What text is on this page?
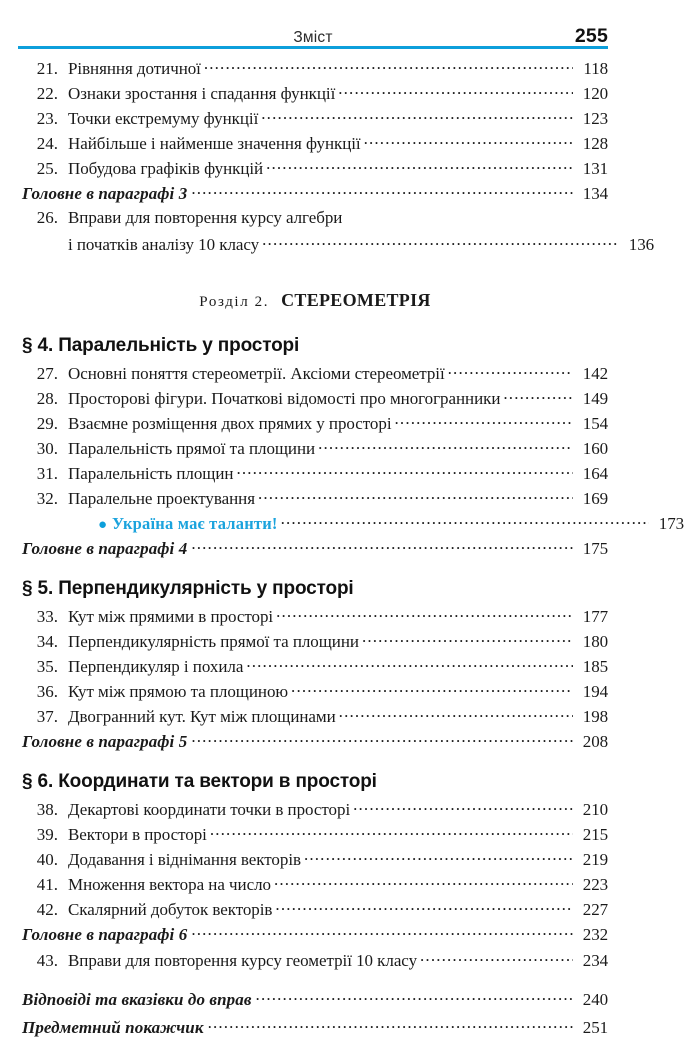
Зміст	255
21. Рівняння дотичної .....	118
22. Ознаки зростання і спадання функції .....	120
23. Точки екстремуму функції .....	123
24. Найбільше і найменше значення функції .....	128
25. Побудова графіків функцій .....	131
Головне в параграфі 3 .....	134
26. Вправи для повторення курсу алгебри
і початків аналізу 10 класу .....	136
Розділ 2. СТЕРЕОМЕТРІЯ
§ 4. Паралельність у просторі
27. Основні поняття стереометрії. Аксіоми стереометрії .....	142
28. Просторові фігури. Початкові відомості про многогранники .....	149
29. Взаємне розміщення двох прямих у просторі .....	154
30. Паралельність прямої та площини .....	160
31. Паралельність площин .....	164
32. Паралельне проектування .....	169
● Україна має таланти! .....	173
Головне в параграфі 4 .....	175
§ 5. Перпендикулярність у просторі
33. Кут між прямими в просторі .....	177
34. Перпендикулярність прямої та площини .....	180
35. Перпендикуляр і похила .....	185
36. Кут між прямою та площиною .....	194
37. Двогранний кут. Кут між площинами .....	198
Головне в параграфі 5 .....	208
§ 6. Координати та вектори в просторі
38. Декартові координати точки в просторі .....	210
39. Вектори в просторі .....	215
40. Додавання і віднімання векторів .....	219
41. Множення вектора на число .....	223
42. Скалярний добуток векторів .....	227
Головне в параграфі 6 .....	232
43. Вправи для повторення курсу геометрії 10 класу .....	234
Відповіді та вказівки до вправ .....	240
Предметний покажчик .....	251
